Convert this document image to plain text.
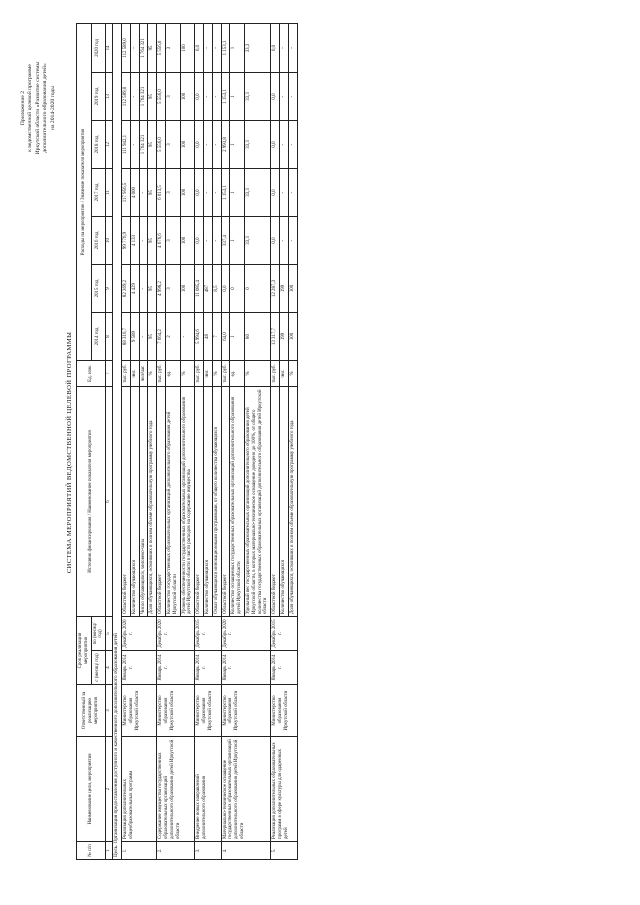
Приложение 2 к ведомственной целевой программе Иркутской области «Развитие системы дополнительного образования детей» на 2014-2020 годы
СИСТЕМА МЕРОПРИЯТИЙ ВЕДОМСТВЕННОЙ ЦЕЛЕВОЙ ПРОГРАММЫ
№ п/п	Наименование цели, мероприятия	Ответственный за реализацию мероприятия	Срок реализации мероприятия		Источник финансирования / Наименование показателя мероприятия	Ед. изм.	Расходы на мероприятие / Значение показателя мероприятия						
			с (месяц/ год)	по (месяц/ год)			2014 год	2015 год	2016 год	2017 год	2018 год	2019 год	2020 год
1	2	3	4	5	6	7	8	9	10	11	12	13	14
Цель. Организация предоставления доступного и качественного дополнительного образования детей													
1.	Реализация дополнительных общеобразовательных программ	Министерство образования Иркутской области	Январь 2014 г.	Декабрь 2020 г.	Областной бюджет	тыс. руб.	88 316,7	82 369,2	99 776,9	117 956,5	111 942,1	112 589,0	112 589,0
					Количество обучающихся	чел.	9 589	4 429	4 133	4 000	-	-	-
					Число обучающихся, человеко-часы	чел/час	-	-	-	-	1 764 321	1 764 321	1 764 321
					Доля обучающихся, освоивших в полном объеме образовательную программу учебного года	%	95	95	95	95	95	95	95
2.	Содержание имущества государственных образовательных организаций дополнительного образования детей Иркутской области	Министерство образования Иркутской области	Январь 2014 г.	Декабрь 2020 г.	Областной бюджет	тыс. руб.	7 664,2	4 998,2	4 676,6	6 013,5	5 556,0	5 556,0	5 556,0
					Количество государственных образовательных организаций дополнительного образования детей Иркутской области	ед.	2	3	3	3	3	3	3
					Уровень обеспеченности государственных образовательных организаций дополнительного образования детей Иркутской области в части расходов на содержание имущества	%	-	100	100	100	100	100	100
3.	Внедрение новых направлений дополнительного образования	Министерство образования Иркутской области	Январь 2014 г.	Декабрь 2015 г.	Областной бюджет	тыс. руб.	5 994,6	11 085,4	0,0	0,0	0,0	0,0	0,0
					Количество обучающихся	чел.	48	487	-	-	-	-	-
					Охват обучающихся инновационными программами, от общего количества обучающихся	%	7	8,5	-	-	-	-	-
4.	Материально-техническое оснащение государственных образовательных организаций дополнительного образования детей Иркутской области	Министерство образования Иркутской области	Январь 2014 г.	Декабрь 2020 г.	Областной бюджет	тыс. руб.	64,0	0,0	337,4	1 153,1	2 993,8	1 153,1	1 153,1
					Количество оснащенных государственных образовательных организаций дополнительного образования детей Иркутской области	ед.	1	0	1	1	1	1	1
					Удельный вес государственных образовательных организаций дополнительного образования детей Иркутской области, в которых материально-техническое оснащение доведено до 100%, от общего количества государственных образовательных организаций дополнительного образования детей Иркутской области	%	80	0	33,3	33,3	33,3	33,3	33,3
5.	Реализация дополнительных образовательных программ в сфере культуры для одаренных детей	Министерство образования Иркутской области	Январь 2014 г.	Декабрь 2015 г.	Областной бюджет	тыс. руб.	13 317,7	12 287,3	0,0	0,0	0,0	0,0	0,0
					Количество обучающихся	чел.	199	199	-	-	-	-	-
					Доля обучающихся, освоивших в полном объеме образовательную программу учебного года	%	100	100	-	-	-	-	-
